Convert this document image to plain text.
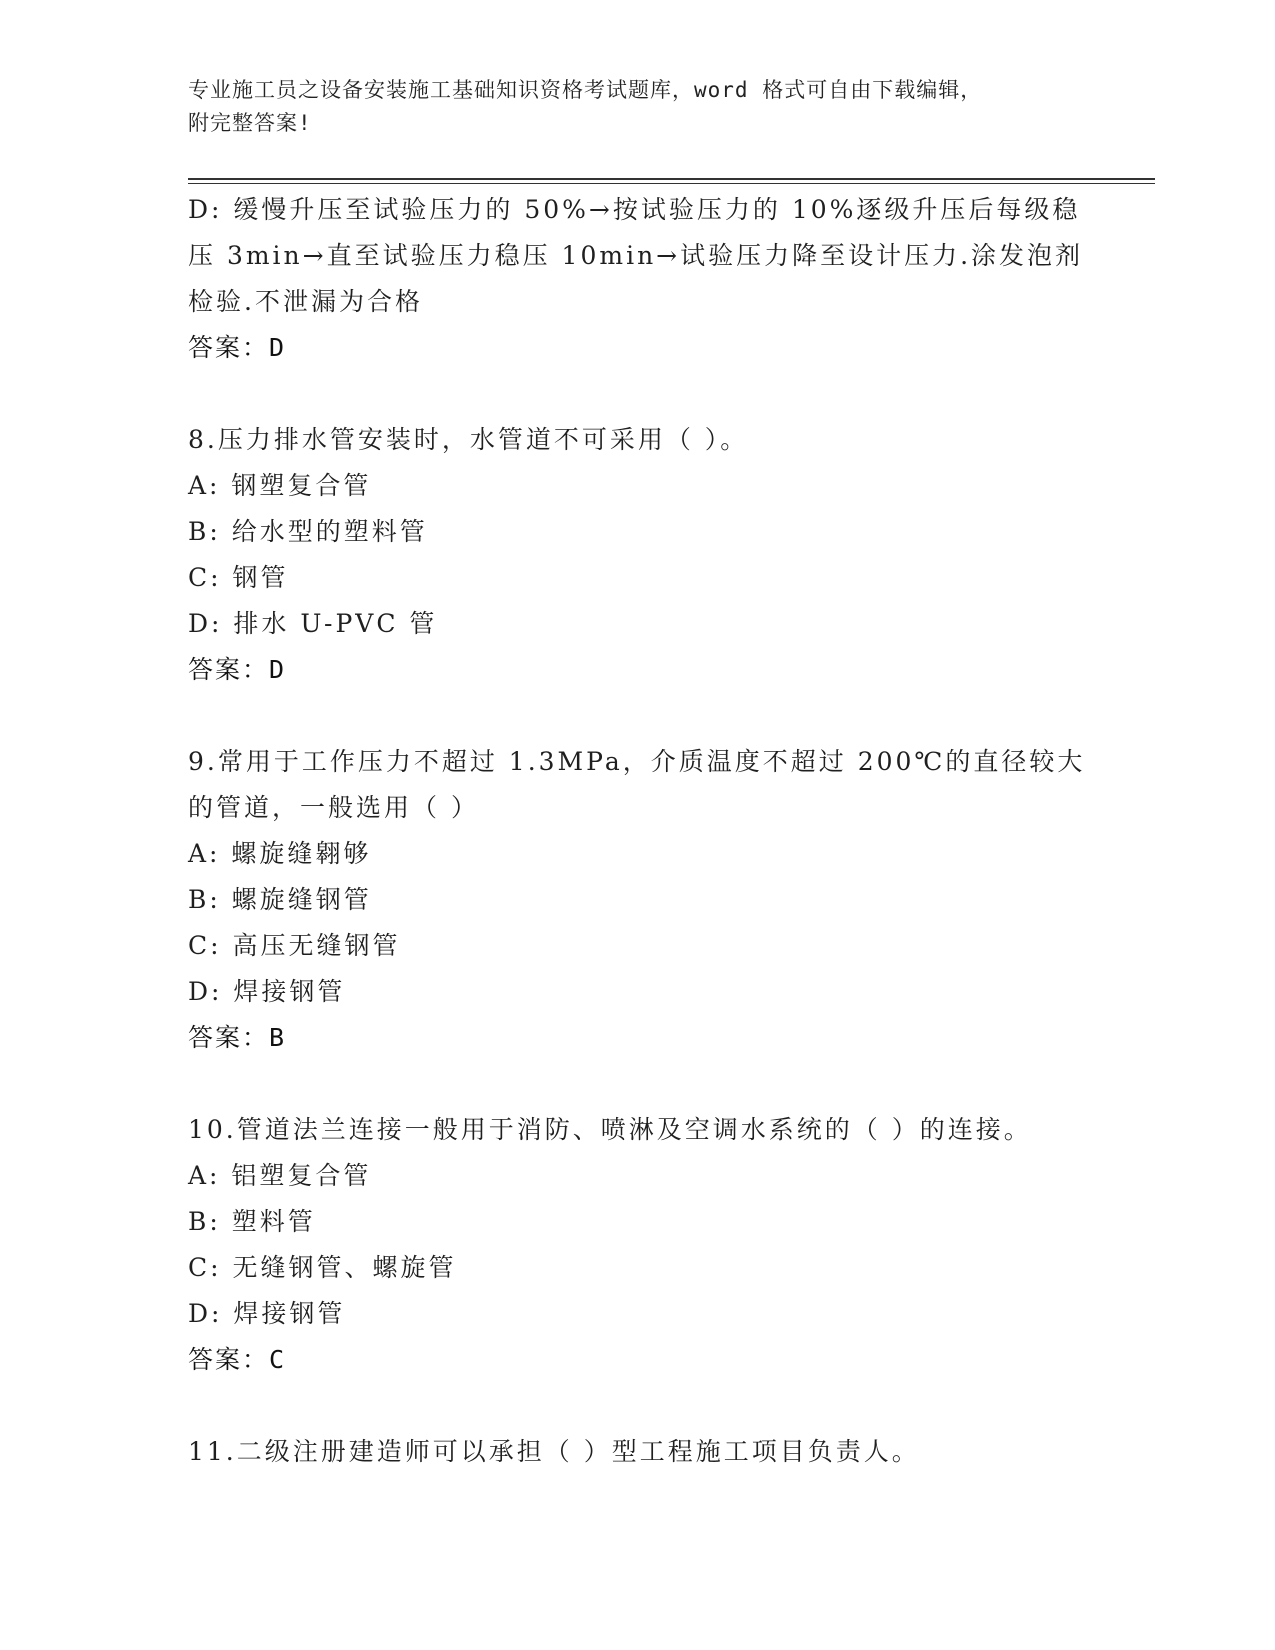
专业施工员之设备安装施工基础知识资格考试题库，word 格式可自由下载编辑，
附完整答案!
D: 缓慢升压至试验压力的 50%→按试验压力的 10%逐级升压后每级稳
压 3min→直至试验压力稳压 10min→试验压力降至设计压力.涂发泡剂
检验.不泄漏为合格
答案：D
8.压力排水管安装时，水管道不可采用（ ）。
A: 钢塑复合管
B: 给水型的塑料管
C: 钢管
D: 排水 U-PVC 管
答案：D
9.常用于工作压力不超过 1.3MPa，介质温度不超过 200℃的直径较大
的管道，一般选用（ ）
A: 螺旋缝翱够
B: 螺旋缝钢管
C: 高压无缝钢管
D: 焊接钢管
答案：B
10.管道法兰连接一般用于消防、喷淋及空调水系统的（ ）的连接。
A: 铝塑复合管
B: 塑料管
C: 无缝钢管、螺旋管
D: 焊接钢管
答案：C
11.二级注册建造师可以承担（ ）型工程施工项目负责人。
